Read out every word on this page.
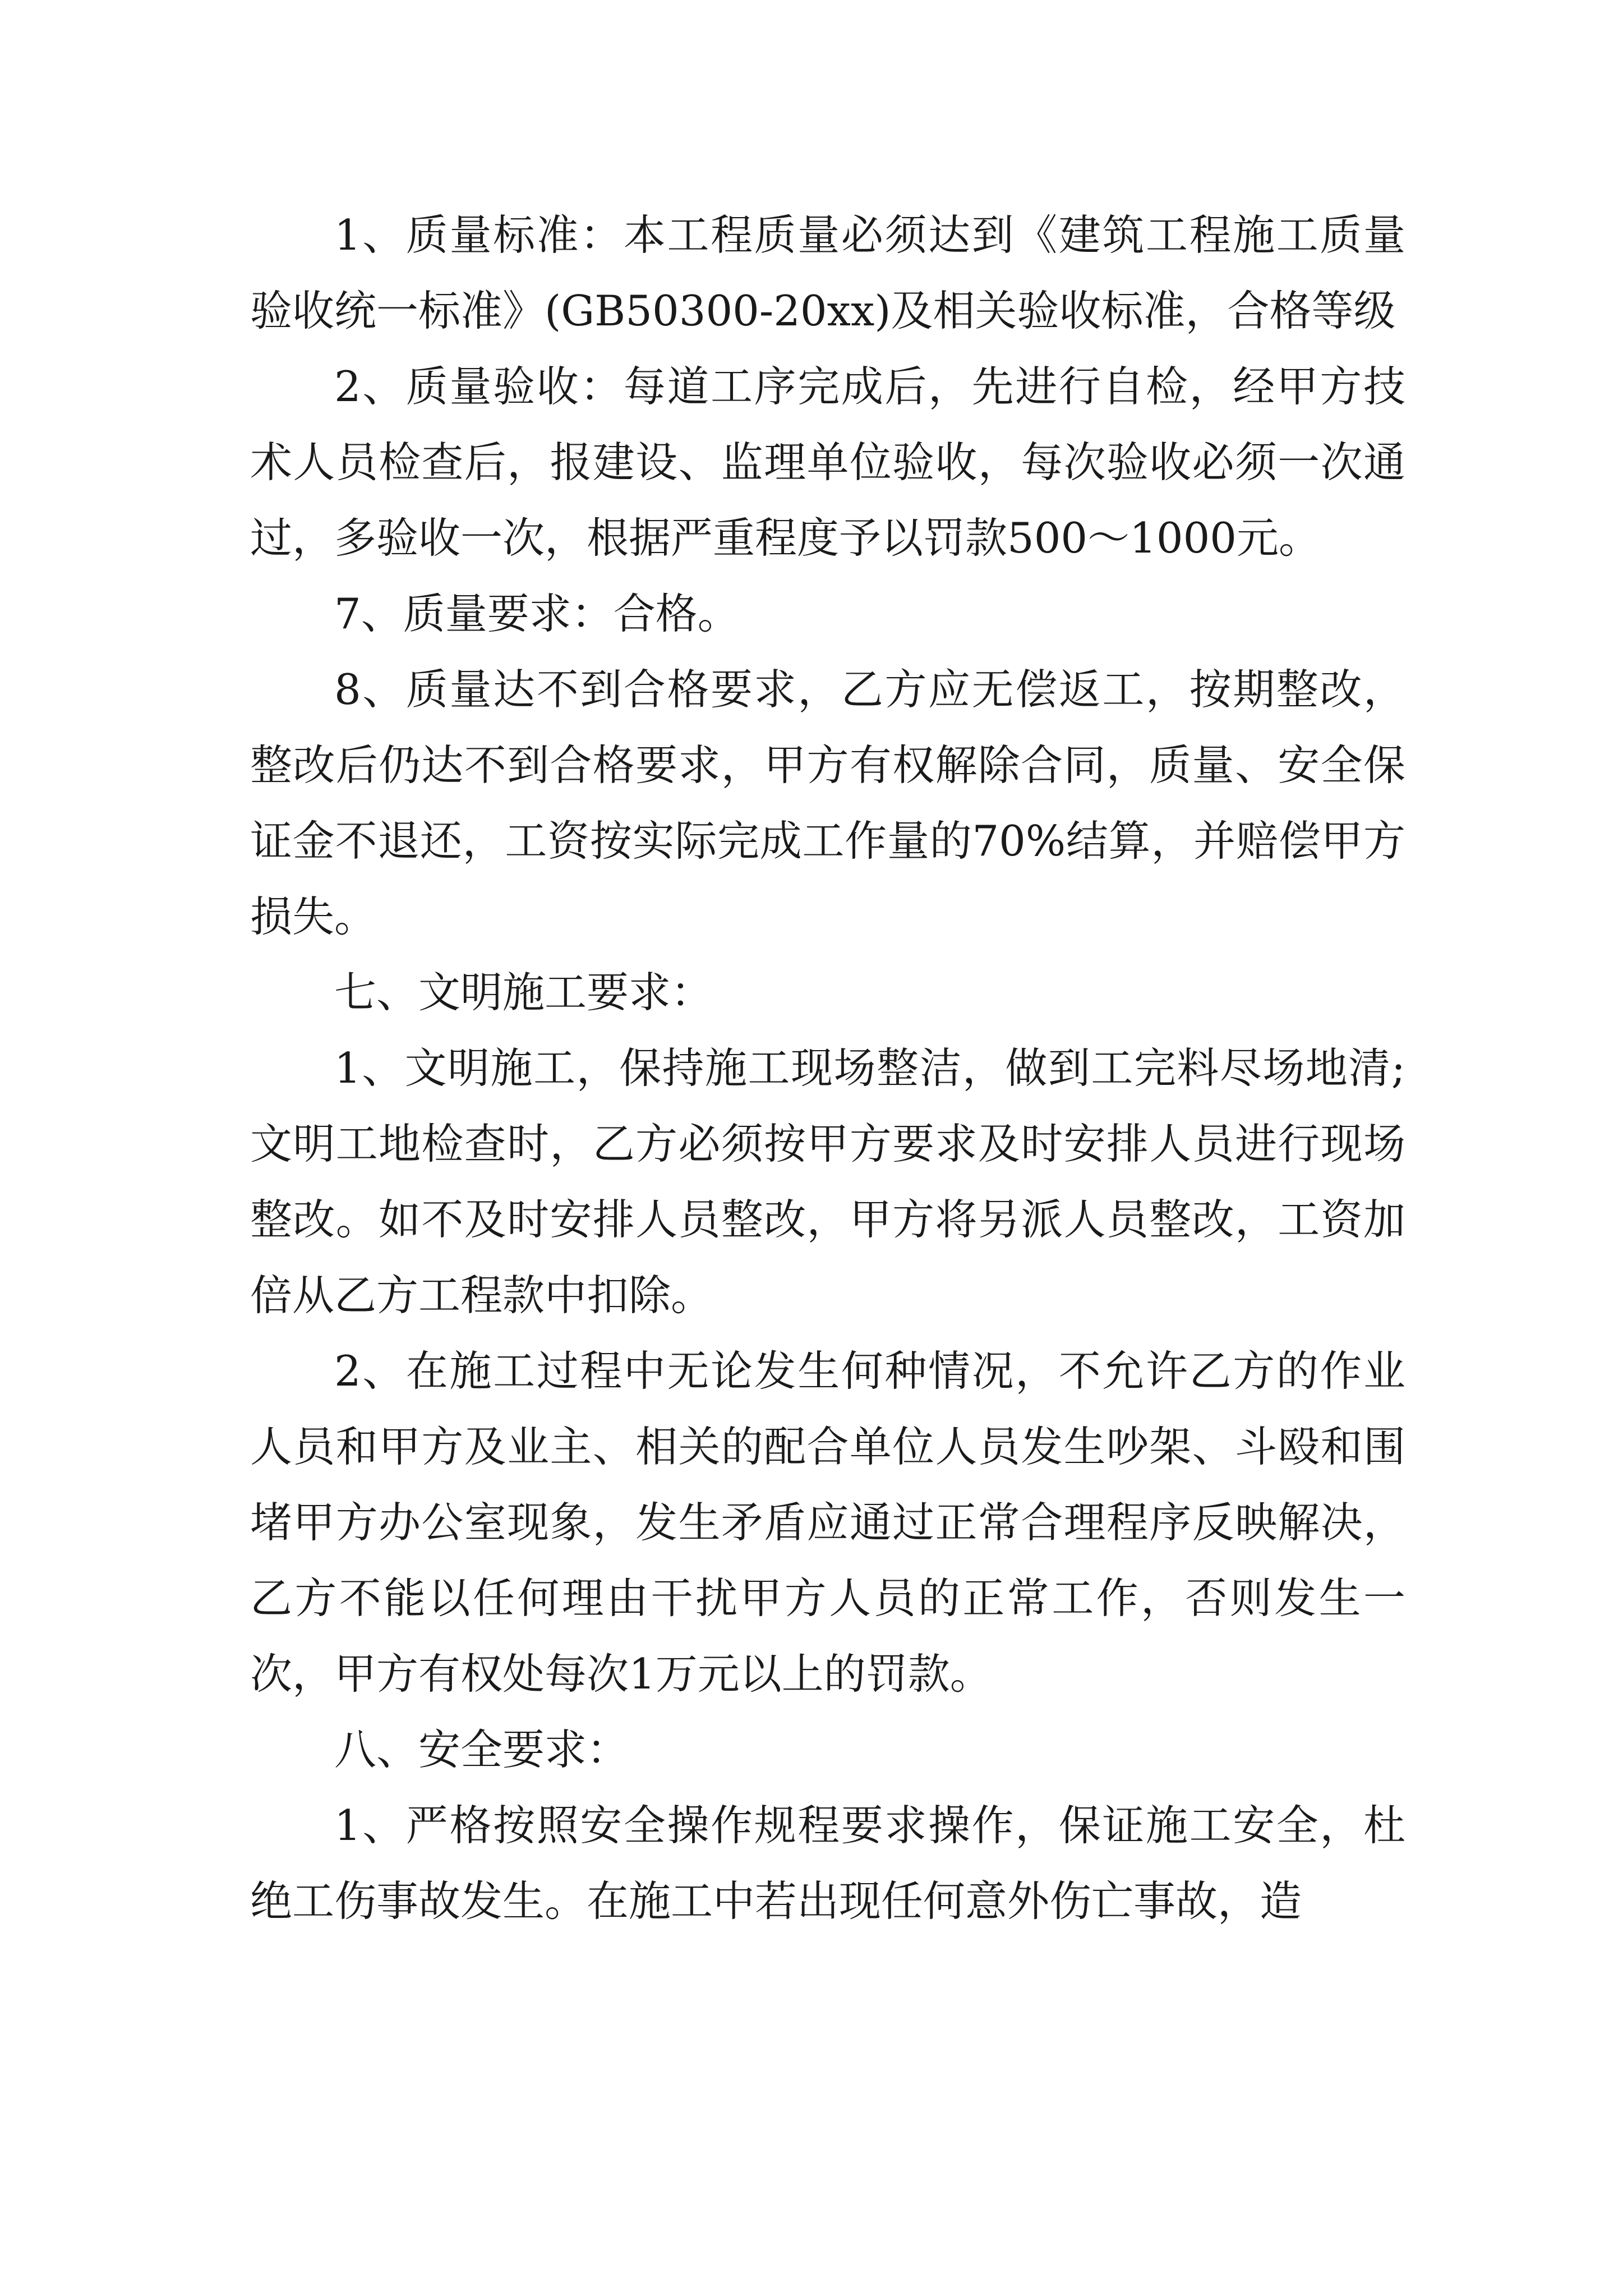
1、质量标准：本工程质量必须达到《建筑工程施工质量验收统一标准》(GB50300-20xx)及相关验收标准，合格等级

2、质量验收：每道工序完成后，先进行自检，经甲方技术人员检查后，报建设、监理单位验收，每次验收必须一次通过，多验收一次，根据严重程度予以罚款500～1000元。

7、质量要求：合格。

8、质量达不到合格要求，乙方应无偿返工，按期整改，整改后仍达不到合格要求，甲方有权解除合同，质量、安全保证金不退还，工资按实际完成工作量的70%结算，并赔偿甲方损失。

七、文明施工要求：

1、文明施工，保持施工现场整洁，做到工完料尽场地清;文明工地检查时，乙方必须按甲方要求及时安排人员进行现场整改。如不及时安排人员整改，甲方将另派人员整改，工资加倍从乙方工程款中扣除。

2、在施工过程中无论发生何种情况，不允许乙方的作业人员和甲方及业主、相关的配合单位人员发生吵架、斗殴和围堵甲方办公室现象，发生矛盾应通过正常合理程序反映解决，乙方不能以任何理由干扰甲方人员的正常工作，否则发生一次，甲方有权处每次1万元以上的罚款。

八、安全要求：

1、严格按照安全操作规程要求操作，保证施工安全，杜绝工伤事故发生。在施工中若出现任何意外伤亡事故，造
